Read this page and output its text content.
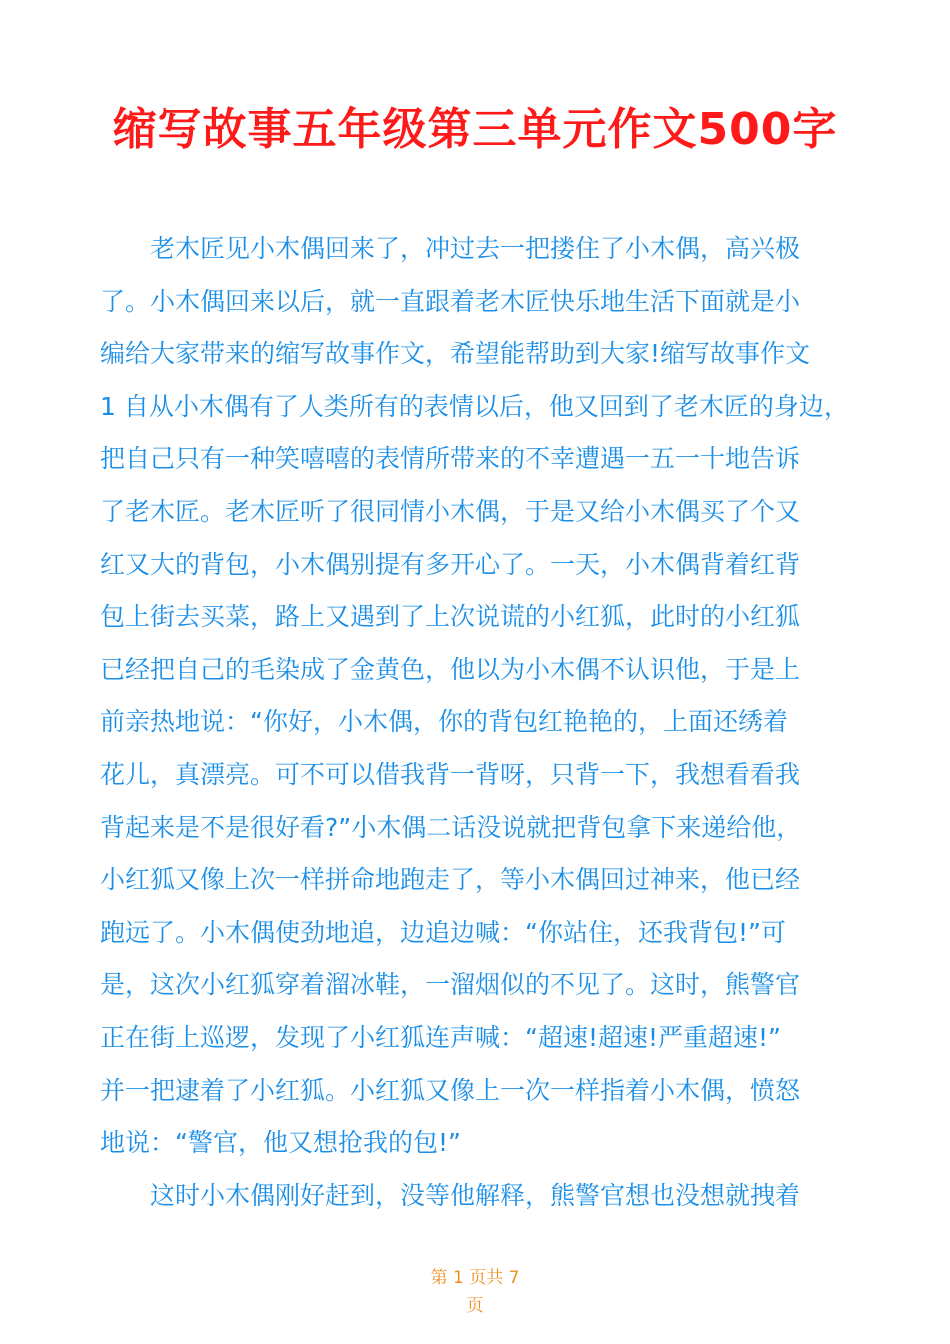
缩写故事五年级第三单元作文500字
老木匠见小木偶回来了，冲过去一把搂住了小木偶，高兴极
了。小木偶回来以后，就一直跟着老木匠快乐地生活下面就是小
编给大家带来的缩写故事作文，希望能帮助到大家!缩写故事作文
1 自从小木偶有了人类所有的表情以后，他又回到了老木匠的身边，
把自己只有一种笑嘻嘻的表情所带来的不幸遭遇一五一十地告诉
了老木匠。老木匠听了很同情小木偶，于是又给小木偶买了个又
红又大的背包，小木偶别提有多开心了。一天，小木偶背着红背
包上街去买菜，路上又遇到了上次说谎的小红狐，此时的小红狐
已经把自己的毛染成了金黄色，他以为小木偶不认识他，于是上
前亲热地说：“你好，小木偶，你的背包红艳艳的，上面还绣着
花儿，真漂亮。可不可以借我背一背呀，只背一下，我想看看我
背起来是不是很好看?”小木偶二话没说就把背包拿下来递给他，
小红狐又像上次一样拼命地跑走了，等小木偶回过神来，他已经
跑远了。小木偶使劲地追，边追边喊：“你站住，还我背包!”可
是，这次小红狐穿着溜冰鞋，一溜烟似的不见了。这时，熊警官
正在街上巡逻，发现了小红狐连声喊：“超速!超速!严重超速!”
并一把逮着了小红狐。小红狐又像上一次一样指着小木偶，愤怒
地说：“警官，他又想抢我的包!”
这时小木偶刚好赶到，没等他解释，熊警官想也没想就拽着
第 1 页共 7
页
